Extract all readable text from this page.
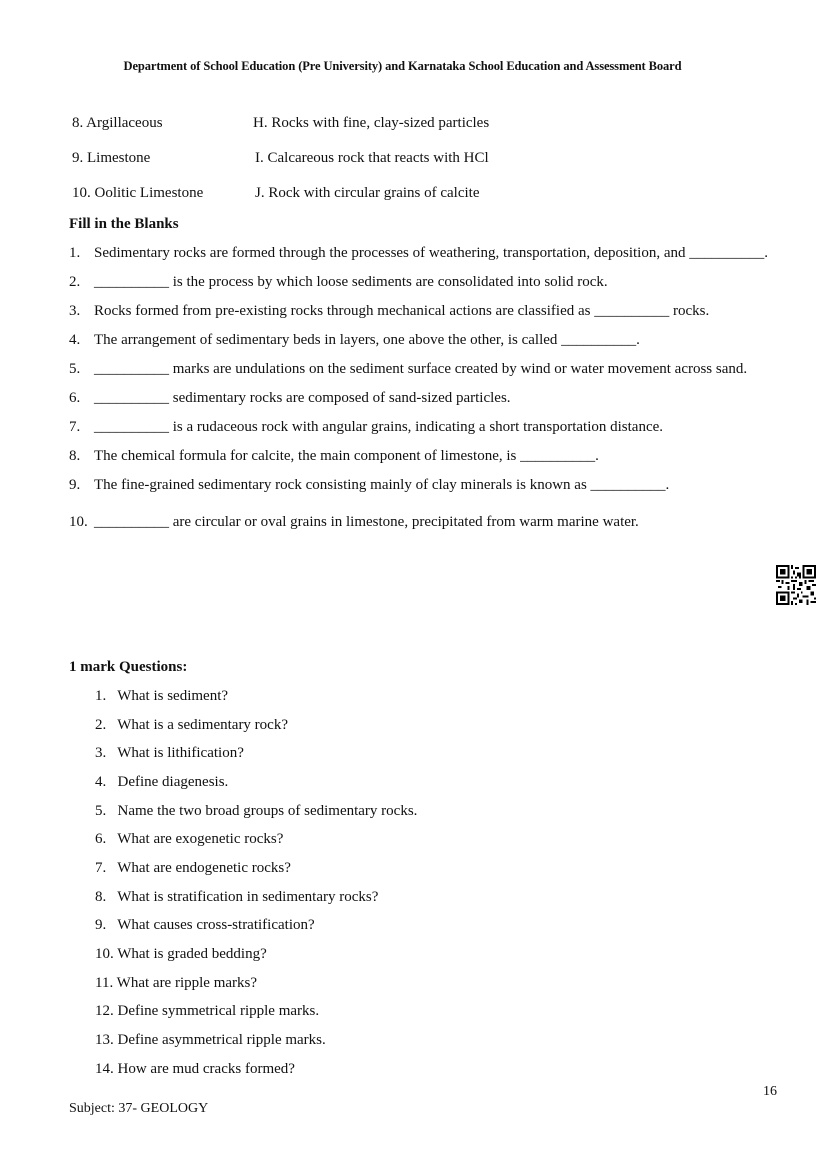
Department of School Education (Pre University) and Karnataka School Education and Assessment Board
8. Argillaceous	H. Rocks with fine, clay-sized particles
9. Limestone	I. Calcareous rock that reacts with HCl
10. Oolitic Limestone	J. Rock with circular grains of calcite
Fill in the Blanks
1. Sedimentary rocks are formed through the processes of weathering, transportation, deposition, and __________.
2. __________ is the process by which loose sediments are consolidated into solid rock.
3. Rocks formed from pre-existing rocks through mechanical actions are classified as __________ rocks.
4. The arrangement of sedimentary beds in layers, one above the other, is called __________.
5. __________ marks are undulations on the sediment surface created by wind or water movement across sand.
6. __________ sedimentary rocks are composed of sand-sized particles.
7. __________ is a rudaceous rock with angular grains, indicating a short transportation distance.
8. The chemical formula for calcite, the main component of limestone, is __________.
9. The fine-grained sedimentary rock consisting mainly of clay minerals is known as __________.
10. __________ are circular or oval grains in limestone, precipitated from warm marine water.
1 mark Questions:
1.   What is sediment?
2.   What is a sedimentary rock?
3.   What is lithification?
4.   Define diagenesis.
5.   Name the two broad groups of sedimentary rocks.
6.   What are exogenetic rocks?
7.   What are endogenetic rocks?
8.   What is stratification in sedimentary rocks?
9.   What causes cross-stratification?
10. What is graded bedding?
11. What are ripple marks?
12. Define symmetrical ripple marks.
13. Define asymmetrical ripple marks.
14. How are mud cracks formed?
16
Subject: 37- GEOLOGY
